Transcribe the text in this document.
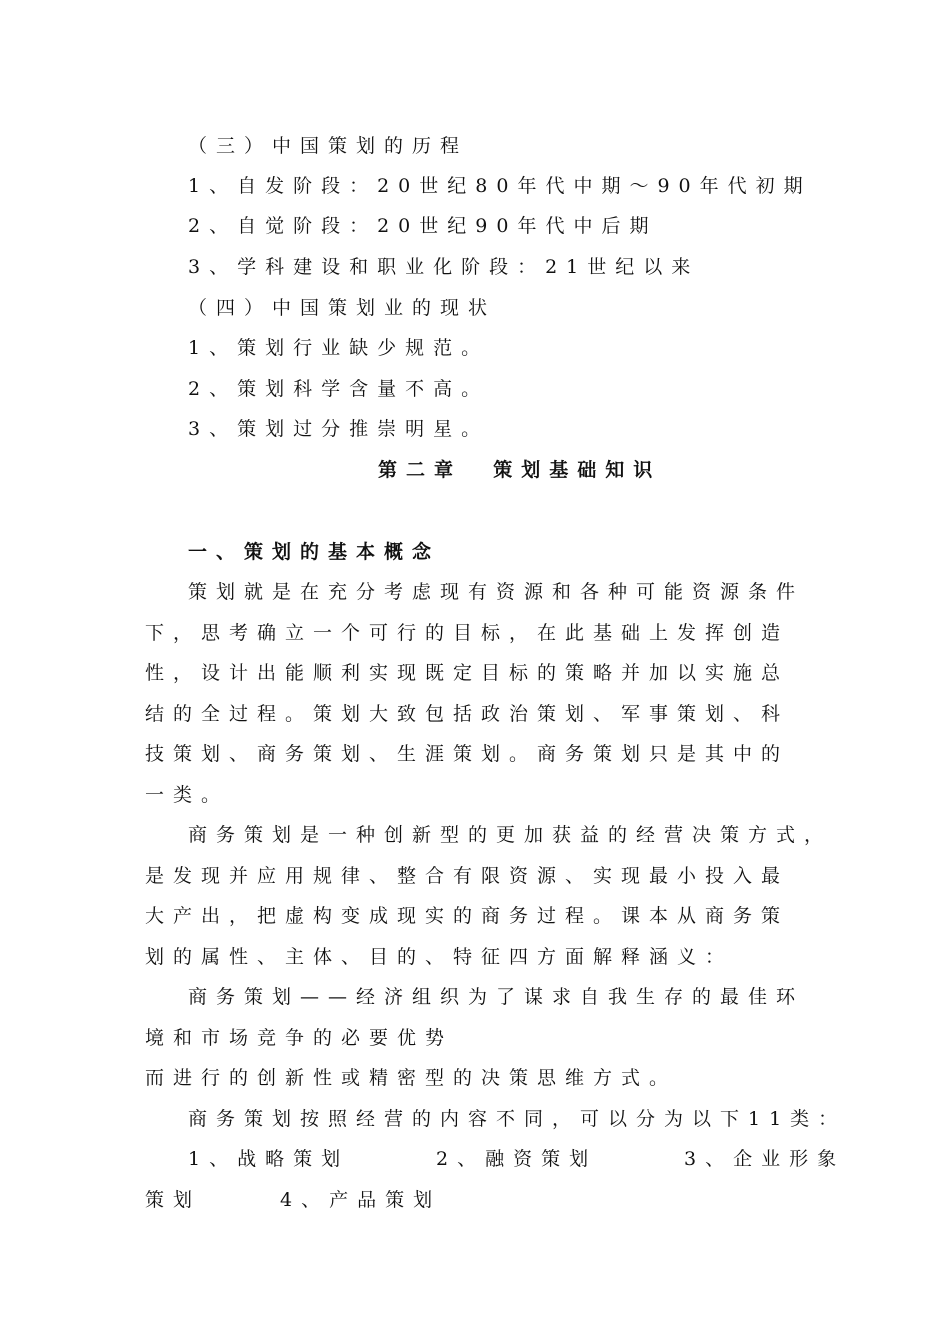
（三）中国策划的历程
1、自发阶段：20世纪80年代中期～90年代初期
2、自觉阶段：20世纪90年代中后期
3、学科建设和职业化阶段：21世纪以来
（四）中国策划业的现状
1、策划行业缺少规范。
2、策划科学含量不高。
3、策划过分推崇明星。
第二章  策划基础知识
一、策划的基本概念
策划就是在充分考虑现有资源和各种可能资源条件
下，思考确立一个可行的目标，在此基础上发挥创造
性，设计出能顺利实现既定目标的策略并加以实施总
结的全过程。策划大致包括政治策划、军事策划、科
技策划、商务策划、生涯策划。商务策划只是其中的
一类。
商务策划是一种创新型的更加获益的经营决策方式，
是发现并应用规律、整合有限资源、实现最小投入最
大产出，把虚构变成现实的商务过程。课本从商务策
划的属性、主体、目的、特征四方面解释涵义：
商务策划——经济组织为了谋求自我生存的最佳环
境和市场竞争的必要优势
而进行的创新性或精密型的决策思维方式。
商务策划按照经营的内容不同，可以分为以下11类：
1、战略策划	2、融资策划	3、企业形象
策划	4、产品策划
